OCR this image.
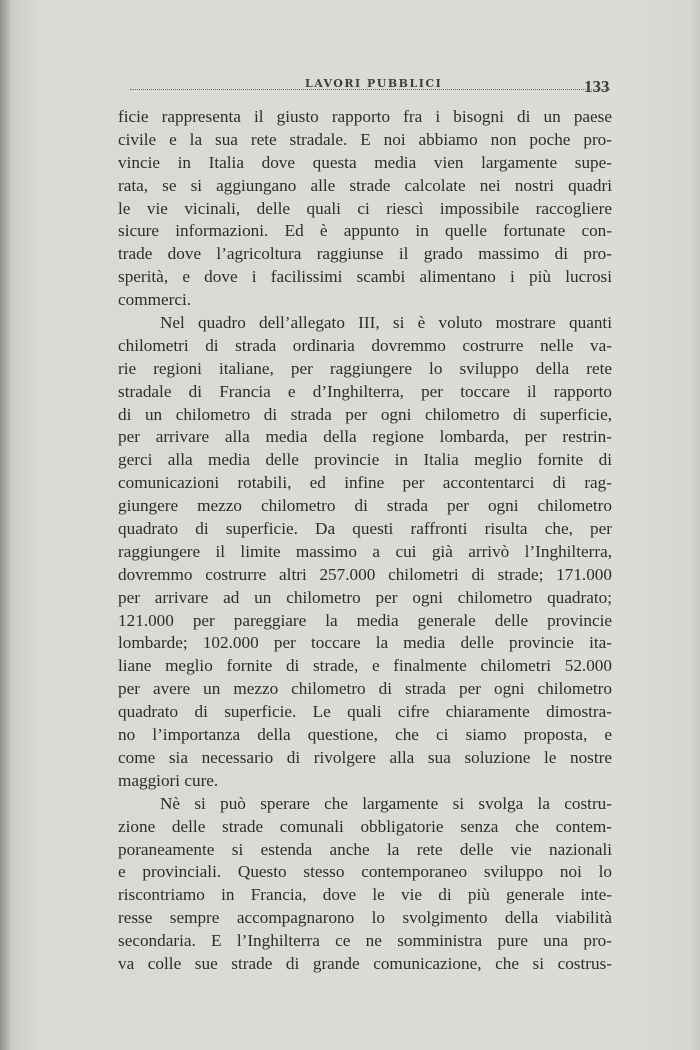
LAVORI PUBBLICI	133
ficie rappresenta il giusto rapporto fra i bisogni di un paese
civile e la sua rete stradale. E noi abbiamo non poche pro-
vincie in Italia dove questa media vien largamente supe-
rata, se si aggiungano alle strade calcolate nei nostri quadri
le vie vicinali, delle quali ci riescì impossibile raccogliere
sicure informazioni. Ed è appunto in quelle fortunate con-
trade dove l’agricoltura raggiunse il grado massimo di pro-
sperità, e dove i facilissimi scambi alimentano i più lucrosi
commerci.
Nel quadro dell’allegato III, si è voluto mostrare quanti
chilometri di strada ordinaria dovremmo costrurre nelle va-
rie regioni italiane, per raggiungere lo sviluppo della rete
stradale di Francia e d’Inghilterra, per toccare il rapporto
di un chilometro di strada per ogni chilometro di superficie,
per arrivare alla media della regione lombarda, per restrin-
gerci alla media delle provincie in Italia meglio fornite di
comunicazioni rotabili, ed infine per accontentarci di rag-
giungere mezzo chilometro di strada per ogni chilometro
quadrato di superficie. Da questi raffronti risulta che, per
raggiungere il limite massimo a cui già arrivò l’Inghilterra,
dovremmo costrurre altri 257.000 chilometri di strade; 171.000
per arrivare ad un chilometro per ogni chilometro quadrato;
121.000 per pareggiare la media generale delle provincie
lombarde; 102.000 per toccare la media delle provincie ita-
liane meglio fornite di strade, e finalmente chilometri 52.000
per avere un mezzo chilometro di strada per ogni chilometro
quadrato di superficie. Le quali cifre chiaramente dimostra-
no l’importanza della questione, che ci siamo proposta, e
come sia necessario di rivolgere alla sua soluzione le nostre
maggiori cure.
Nè si può sperare che largamente si svolga la costru-
zione delle strade comunali obbligatorie senza che contem-
poraneamente si estenda anche la rete delle vie nazionali
e provinciali. Questo stesso contemporaneo sviluppo noi lo
riscontriamo in Francia, dove le vie di più generale inte-
resse sempre accompagnarono lo svolgimento della viabilità
secondaria. E l’Inghilterra ce ne somministra pure una pro-
va colle sue strade di grande comunicazione, che si costrus-
